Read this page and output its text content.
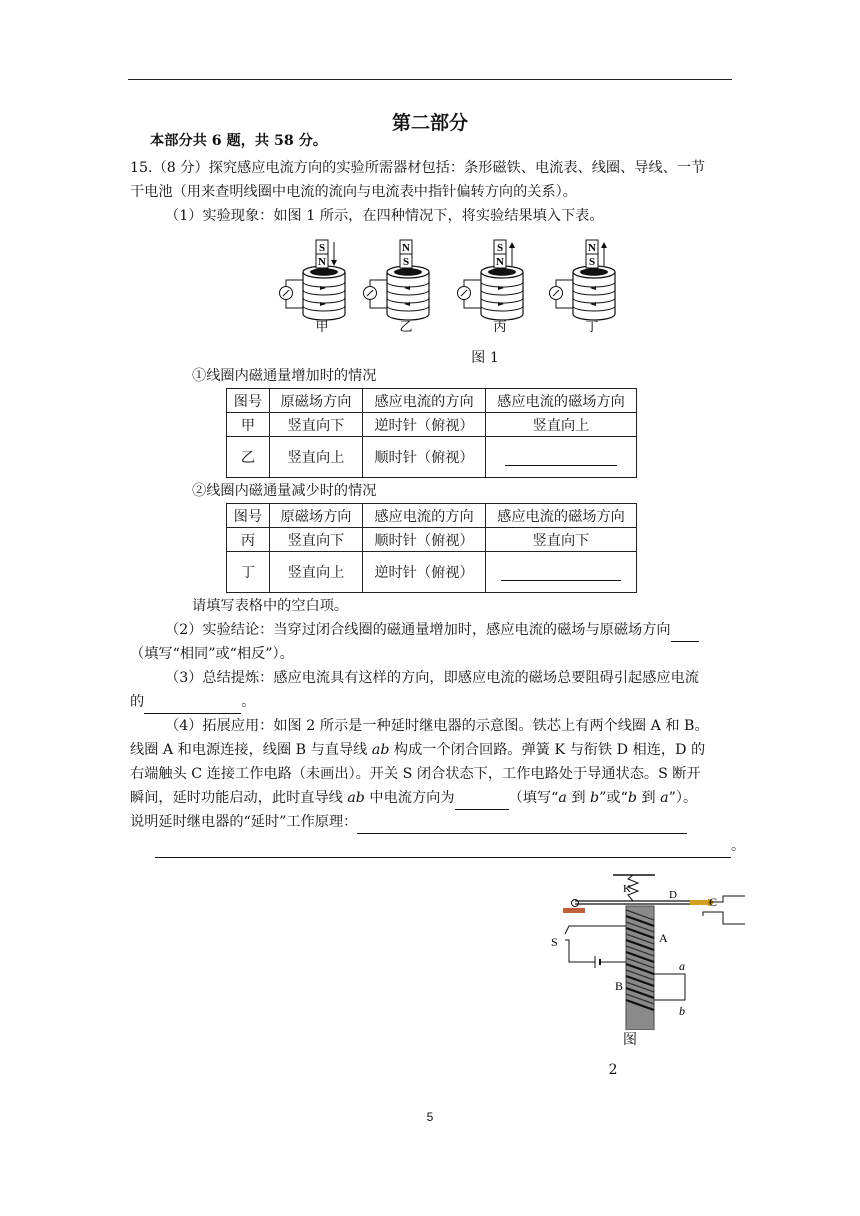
第二部分
本部分共 6 题，共 58 分。
15.（8 分）探究感应电流方向的实验所需器材包括：条形磁铁、电流表、线圈、导线、一节
干电池（用来查明线圈中电流的流向与电流表中指针偏转方向的关系）。
（1）实验现象：如图 1 所示，在四种情况下，将实验结果填入下表。
S
N
甲
N
S
乙
S
N
丙
N
S
丁
图 1
①线圈内磁通量增加时的情况
图号	原磁场方向	感应电流的方向	感应电流的磁场方向
甲	竖直向下	逆时针（俯视）	竖直向上
乙	竖直向上	顺时针（俯视）	
②线圈内磁通量减少时的情况
图号	原磁场方向	感应电流的方向	感应电流的磁场方向
丙	竖直向下	顺时针（俯视）	竖直向下
丁	竖直向上	逆时针（俯视）	
请填写表格中的空白项。
（2）实验结论：当穿过闭合线圈的磁通量增加时，感应电流的磁场与原磁场方向
（填写“相同”或“相反”）。
（3）总结提炼：感应电流具有这样的方向，即感应电流的磁场总要阻碍引起感应电流
的	。
（4）拓展应用：如图 2 所示是一种延时继电器的示意图。铁芯上有两个线圈 A 和 B。
线圈 A 和电源连接，线圈 B 与直导线 ab 构成一个闭合回路。弹簧 K 与衔铁 D 相连，D 的
右端触头 C 连接工作电路（未画出）。开关 S 闭合状态下，工作电路处于导通状态。S 断开
瞬间，延时功能启动，此时直导线 ab 中电流方向为	（填写“a 到 b”或“b 到 a”）。
说明延时继电器的“延时”工作原理：
。
K	D	C
A
B
S
a
b
图
2
5
